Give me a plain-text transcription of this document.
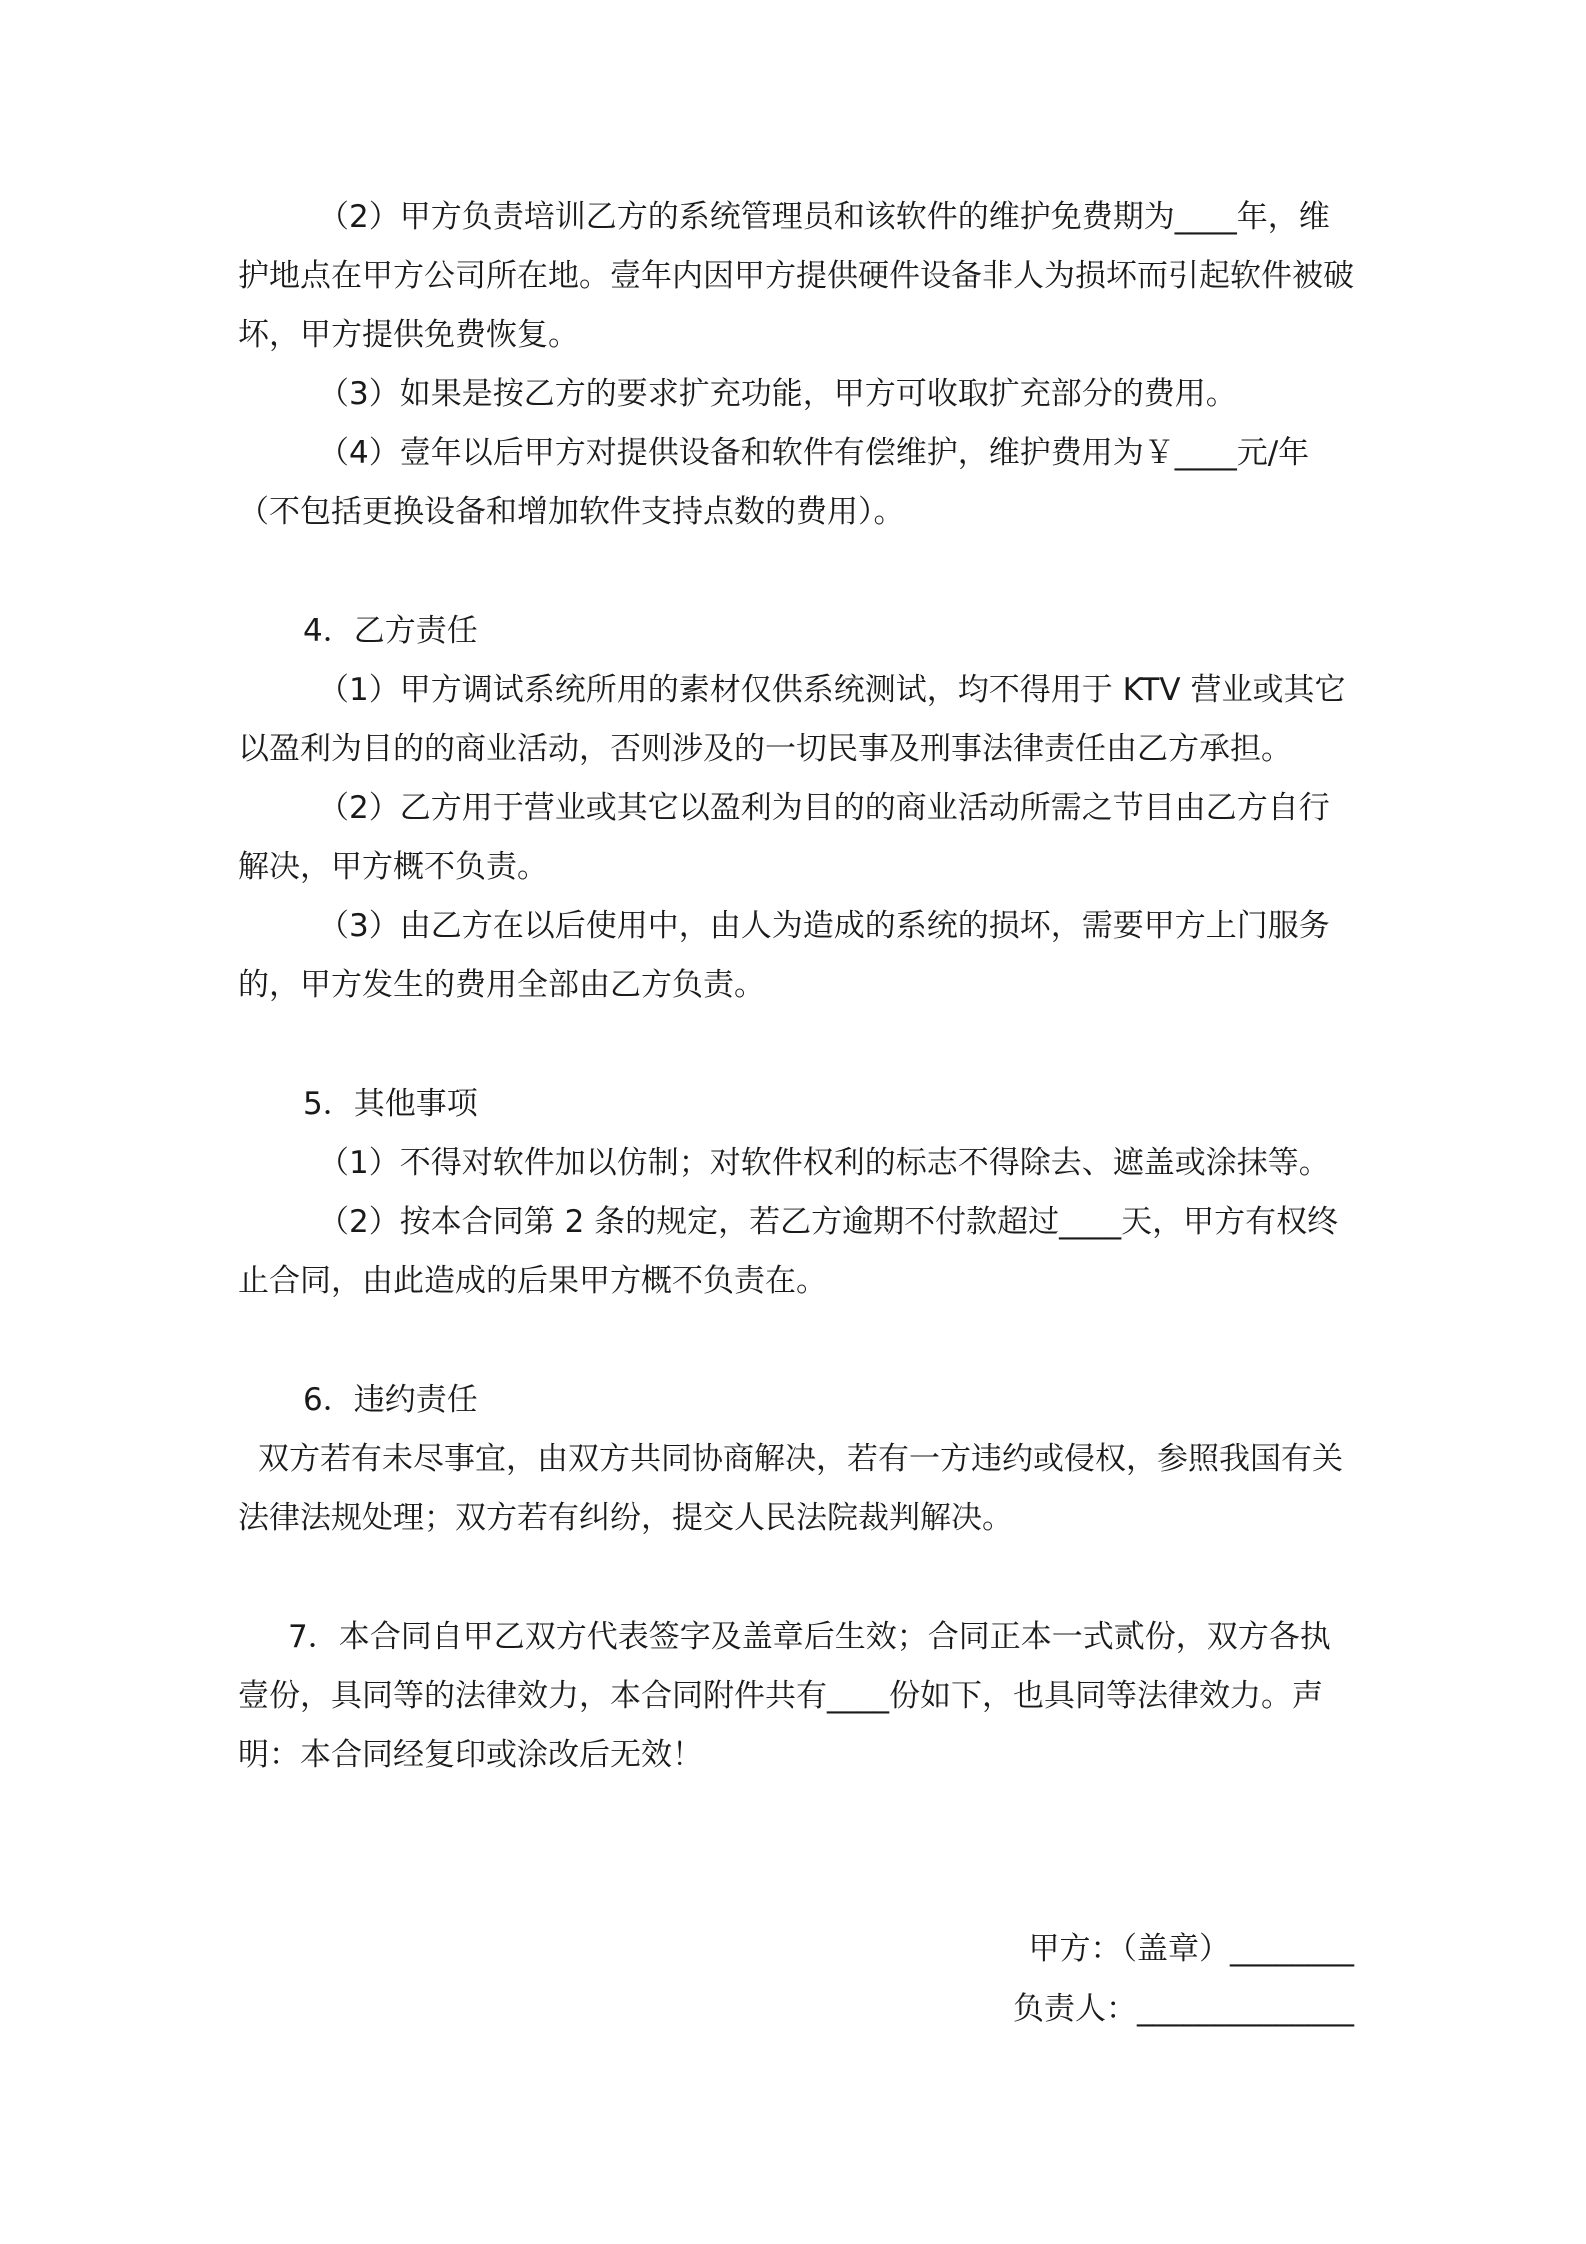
（2）甲方负责培训乙方的系统管理员和该软件的维护免费期为____年，维护地点在甲方公司所在地。壹年内因甲方提供硬件设备非人为损坏而引起软件被破坏，甲方提供免费恢复。

（3）如果是按乙方的要求扩充功能，甲方可收取扩充部分的费用。

（4）壹年以后甲方对提供设备和软件有偿维护，维护费用为￥____元/年（不包括更换设备和增加软件支持点数的费用）。

4．乙方责任

（1）甲方调试系统所用的素材仅供系统测试，均不得用于 KTV 营业或其它以盈利为目的的商业活动，否则涉及的一切民事及刑事法律责任由乙方承担。

（2）乙方用于营业或其它以盈利为目的的商业活动所需之节目由乙方自行解决，甲方概不负责。

（3）由乙方在以后使用中，由人为造成的系统的损坏，需要甲方上门服务的，甲方发生的费用全部由乙方负责。

5．其他事项

（1）不得对软件加以仿制；对软件权利的标志不得除去、遮盖或涂抹等。

（2）按本合同第 2 条的规定，若乙方逾期不付款超过____天，甲方有权终止合同，由此造成的后果甲方概不负责在。

6．违约责任

双方若有未尽事宜，由双方共同协商解决，若有一方违约或侵权，参照我国有关法律法规处理；双方若有纠纷，提交人民法院裁判解决。

7．本合同自甲乙双方代表签字及盖章后生效；合同正本一式贰份，双方各执壹份，具同等的法律效力，本合同附件共有____份如下，也具同等法律效力。声明：本合同经复印或涂改后无效！

甲方：（盖章）________
负责人：______________
